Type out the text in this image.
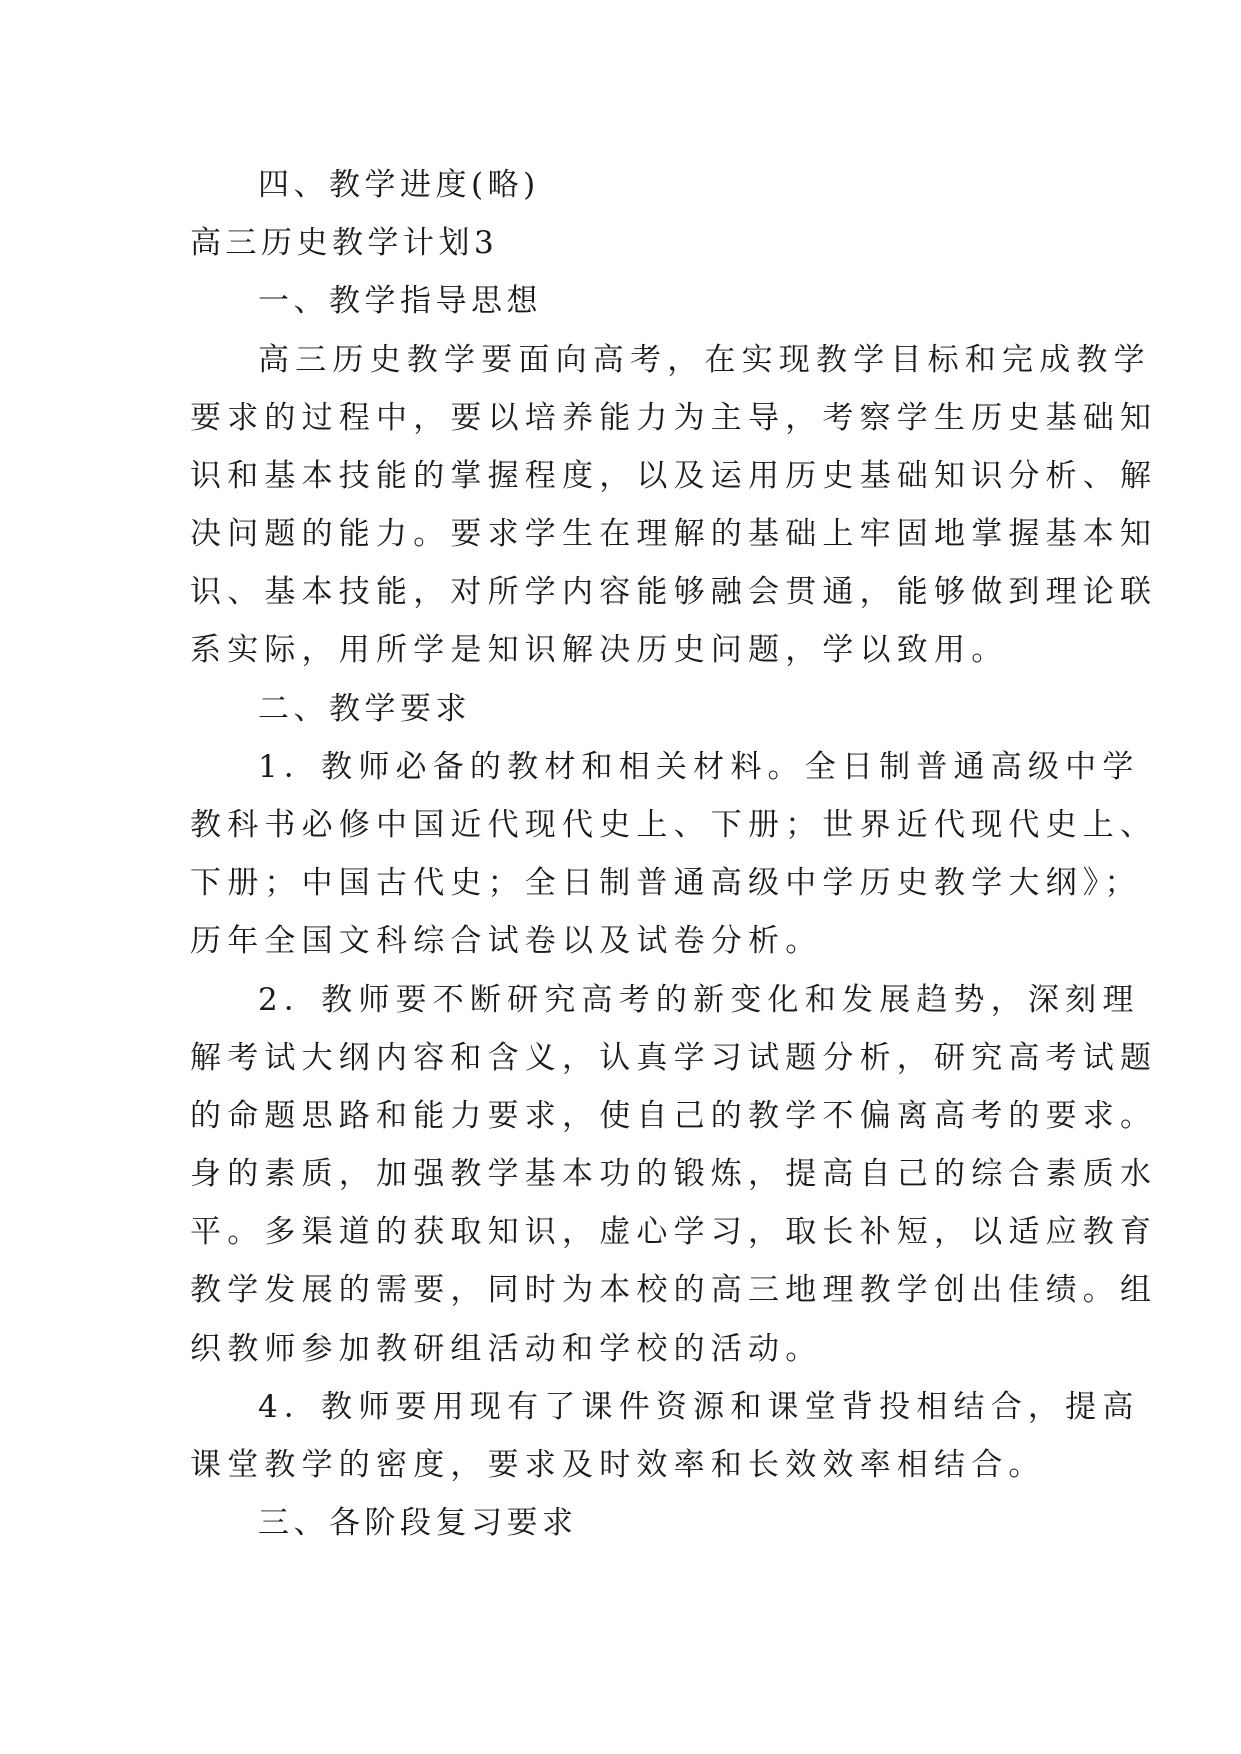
四、教学进度(略)
高三历史教学计划3
一、教学指导思想
高三历史教学要面向高考，在实现教学目标和完成教学
要求的过程中，要以培养能力为主导，考察学生历史基础知
识和基本技能的掌握程度，以及运用历史基础知识分析、解
决问题的能力。要求学生在理解的基础上牢固地掌握基本知
识、基本技能，对所学内容能够融会贯通，能够做到理论联
系实际，用所学是知识解决历史问题，学以致用。
二、教学要求
1．教师必备的教材和相关材料。全日制普通高级中学
教科书必修中国近代现代史上、下册；世界近代现代史上、
下册；中国古代史；全日制普通高级中学历史教学大纲》；
历年全国文科综合试卷以及试卷分析。
2．教师要不断研究高考的新变化和发展趋势，深刻理
解考试大纲内容和含义，认真学习试题分析，研究高考试题
的命题思路和能力要求，使自己的教学不偏离高考的要求。
身的素质，加强教学基本功的锻炼，提高自己的综合素质水
平。多渠道的获取知识，虚心学习，取长补短，以适应教育
教学发展的需要，同时为本校的高三地理教学创出佳绩。组
织教师参加教研组活动和学校的活动。
4．教师要用现有了课件资源和课堂背投相结合，提高
课堂教学的密度，要求及时效率和长效效率相结合。
三、各阶段复习要求
